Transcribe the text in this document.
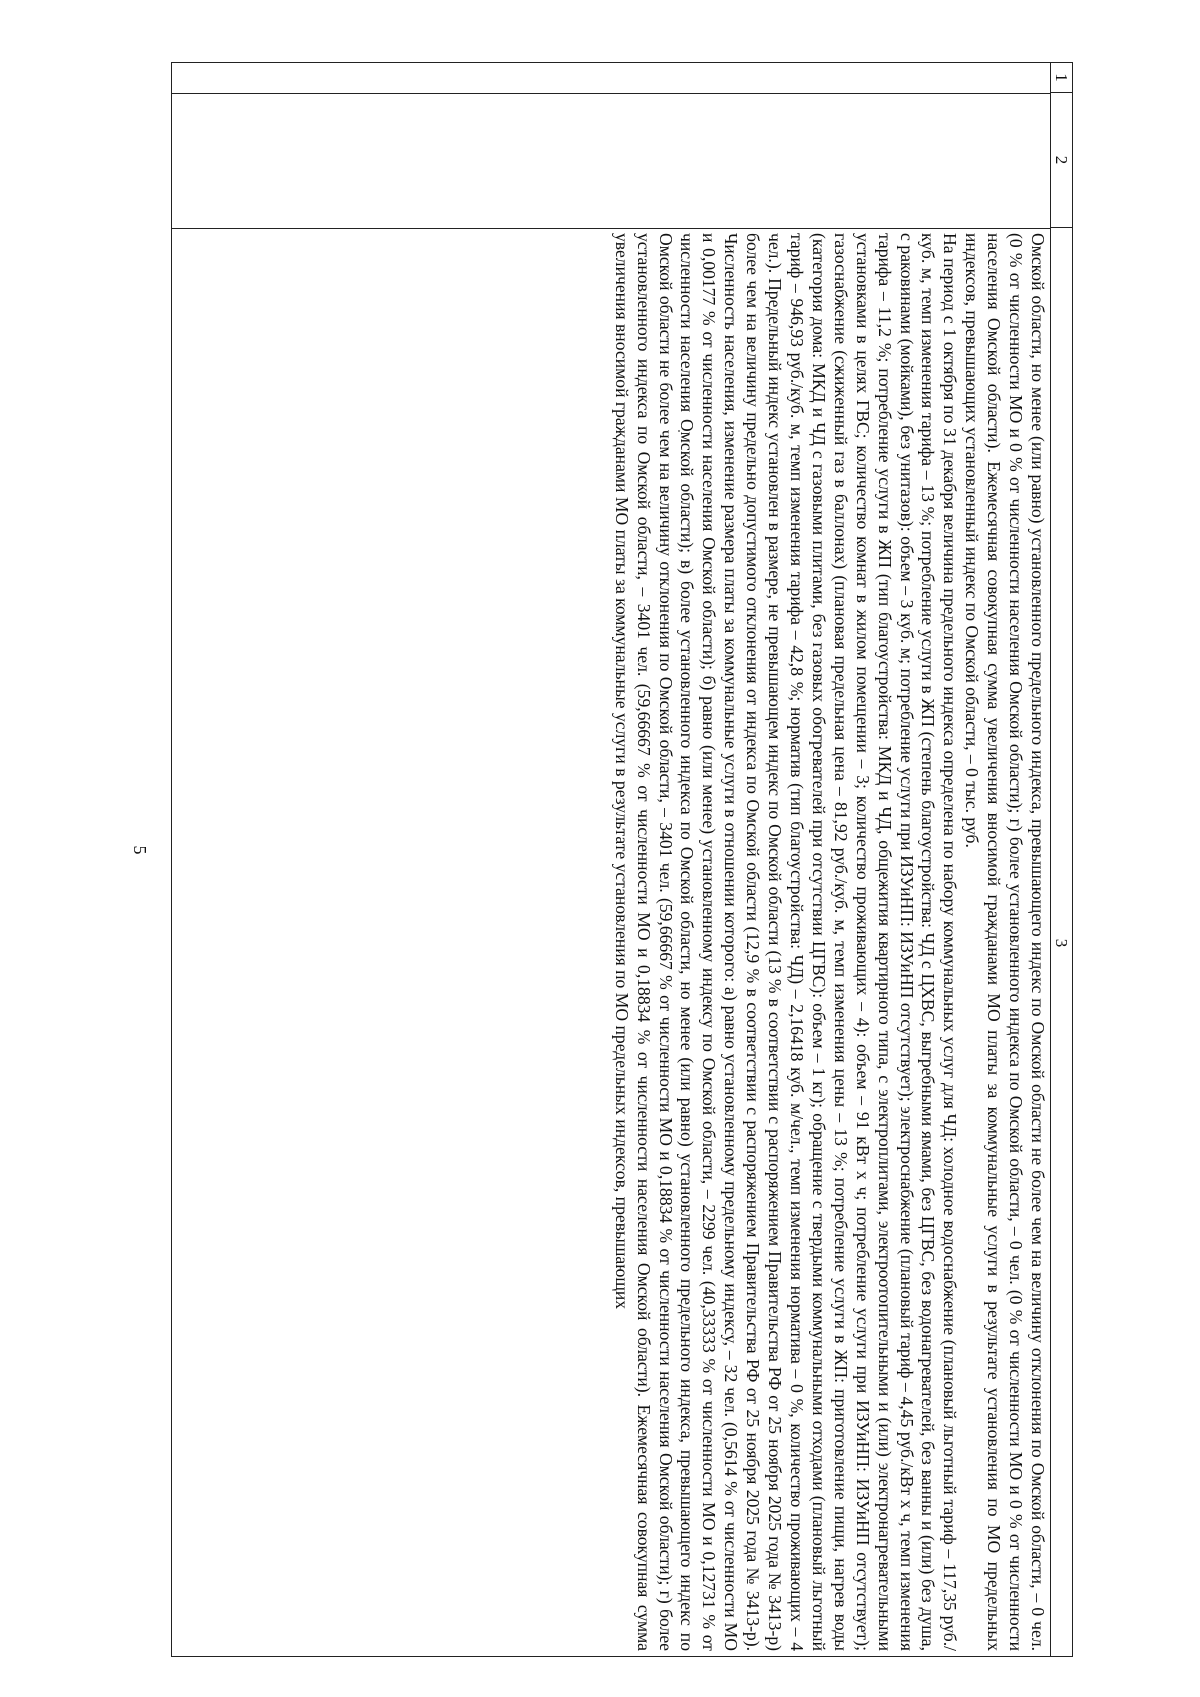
5
1
2
3

Омской области, но менее (или равно) установленного предельного индекса, превышающего индекс по Омской области не более чем на величину отклонения по Омской области, – 0 чел. (0 % от численности МО и 0 % от численности населения Омской области); г) более установленного индекса по Омской области, – 0 чел. (0 % от численности МО и 0 % от численности населения Омской области). Ежемесячная совокупная сумма увеличения вносимой гражданами МО платы за коммунальные услуги в результате установления по МО предельных индексов, превышающих установленный индекс по Омской области, – 0 тыс. руб.

На период с 1 октября по 31 декабря величина предельного индекса определена по набору коммунальных услуг для ЧД: холодное водоснабжение (плановый льготный тариф – 117,35 руб./куб. м, темп изменения тарифа – 13 %; потребление услуги в ЖП (степень благоустройства: ЧД с ЦХВС, выгребными ямами, без ЦГВС, без водонагревателей, без ванны и (или) без душа, с раковинами (мойками), без унитазов): объем – 3 куб. м; потребление услуги при ИЗУиНП: ИЗУиНП отсутствует); электроснабжение (плановый тариф – 4,45 руб./кВт х ч, темп изменения тарифа – 11,2 %; потребление услуги в ЖП (тип благоустройства: МКД и ЧД, общежития квартирного типа, с электроплитами, электроотопительными и (или) электронагревательными установками в целях ГВС; количество комнат в жилом помещении – 3; количество проживающих – 4): объем – 91 кВт х ч; потребление услуги при ИЗУиНП: ИЗУиНП отсутствует); газоснабжение (сжиженный газ в баллонах) (плановая предельная цена – 81,92 руб./куб. м, темп изменения цены – 13 %; потребление услуги в ЖП: приготовление пищи, нагрев воды (категория дома: МКД и ЧД с газовыми плитами, без газовых обогревателей при отсутствии ЦГВС): объем – 1 кг); обращение с твердыми коммунальными отходами (плановый льготный тариф – 946,93 руб./куб. м, темп изменения тарифа – 42,8 %; норматив (тип благоустройства: ЧД) – 2,16418 куб. м/чел., темп изменения норматива – 0 %, количество проживающих – 4 чел.). Предельный индекс установлен в размере, не превышающем индекс по Омской области (13 % в соответствии с распоряжением Правительства РФ от 25 ноября 2025 года № 3413-р) более чем на величину предельно допустимого отклонения от индекса по Омской области (12,9 % в соответствии с распоряжением Правительства РФ от 25 ноября 2025 года № 3413-р). Численность населения, изменение размера платы за коммунальные услуги в отношении которого: а) равно установленному предельному индексу, – 32 чел. (0,5614 % от численности МО и 0,00177 % от численности населения Омской области); б) равно (или менее) установленному индексу по Омской области, – 2299 чел. (40,33333 % от численности МО и 0,12731 % от численности населения Омской области); в) более установленного индекса по Омской области, но менее (или равно) установленного предельного индекса, превышающего индекс по Омской области не более чем на величину отклонения по Омской области, – 3401 чел. (59,66667 % от численности МО и 0,18834 % от численности населения Омской области); г) более установленного индекса по Омской области, – 3401 чел. (59,66667 % от численности МО и 0,18834 % от численности населения Омской области). Ежемесячная совокупная сумма увеличения вносимой гражданами МО платы за коммунальные услуги в результате установления по МО предельных индексов, превышающих
